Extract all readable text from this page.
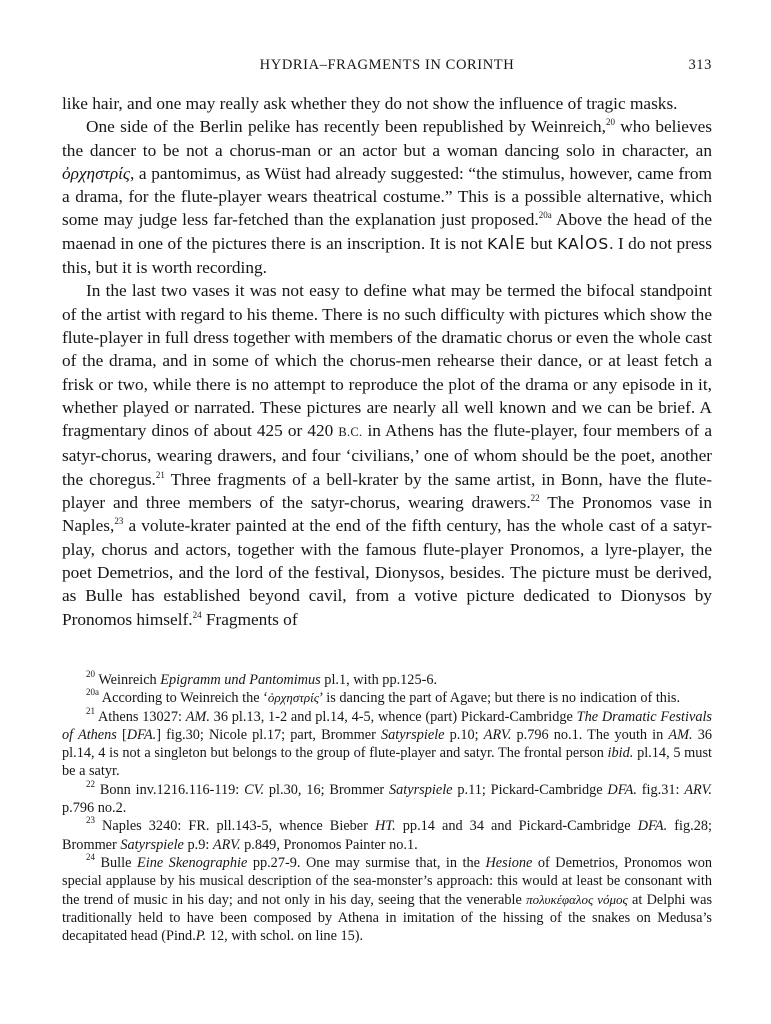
HYDRIA–FRAGMENTS IN CORINTH	313

like hair, and one may really ask whether they do not show the influence of tragic masks.

One side of the Berlin pelike has recently been republished by Weinreich,$^{20}$ who believes the dancer to be not a chorus-man or an actor but a woman dancing solo in character, an ὀρχηστρίς, a pantomimus, as Wüst had already suggested: “the stimulus, however, came from a drama, for the flute-player wears theatrical costume.” This is a possible alternative, which some may judge less far-fetched than the explanation just proposed.$^{20a}$ Above the head of the maenad in one of the pictures there is an inscription. It is not KAꟾE but KAꟾOS. I do not press this, but it is worth recording.

In the last two vases it was not easy to define what may be termed the bifocal standpoint of the artist with regard to his theme. There is no such difficulty with pictures which show the flute-player in full dress together with members of the dramatic chorus or even the whole cast of the drama, and in some of which the chorus-men rehearse their dance, or at least fetch a frisk or two, while there is no attempt to reproduce the plot of the drama or any episode in it, whether played or narrated. These pictures are nearly all well known and we can be brief. A fragmentary dinos of about 425 or 420 B.C. in Athens has the flute-player, four members of a satyr-chorus, wearing drawers, and four ‘civilians,’ one of whom should be the poet, another the choregus.$^{21}$ Three fragments of a bell-krater by the same artist, in Bonn, have the flute-player and three members of the satyr-chorus, wearing drawers.$^{22}$ The Pronomos vase in Naples,$^{23}$ a volute-krater painted at the end of the fifth century, has the whole cast of a satyr-play, chorus and actors, together with the famous flute-player Pronomos, a lyre-player, the poet Demetrios, and the lord of the festival, Dionysos, besides. The picture must be derived, as Bulle has established beyond cavil, from a votive picture dedicated to Dionysos by Pronomos himself.$^{24}$ Fragments of

$^{20}$ Weinreich Epigramm und Pantomimus pl.1, with pp.125-6.

$^{20a}$ According to Weinreich the ‘ὀρχηστρίς’ is dancing the part of Agave; but there is no indication of this.

$^{21}$ Athens 13027: AM. 36 pl.13, 1-2 and pl.14, 4-5, whence (part) Pickard-Cambridge The Dramatic Festivals of Athens [DFA.] fig.30; Nicole pl.17; part, Brommer Satyrspiele p.10; ARV. p.796 no.1. The youth in AM. 36 pl.14, 4 is not a singleton but belongs to the group of flute-player and satyr. The frontal person ibid. pl.14, 5 must be a satyr.

$^{22}$ Bonn inv.1216.116-119: CV. pl.30, 16; Brommer Satyrspiele p.11; Pickard-Cambridge DFA. fig.31: ARV. p.796 no.2.

$^{23}$ Naples 3240: FR. pll.143-5, whence Bieber HT. pp.14 and 34 and Pickard-Cambridge DFA. fig.28; Brommer Satyrspiele p.9: ARV. p.849, Pronomos Painter no.1.

$^{24}$ Bulle Eine Skenographie pp.27-9. One may surmise that, in the Hesione of Demetrios, Pronomos won special applause by his musical description of the sea-monster’s approach: this would at least be consonant with the trend of music in his day; and not only in his day, seeing that the venerable πολυκέφαλος νόμος at Delphi was traditionally held to have been composed by Athena in imitation of the hissing of the snakes on Medusa’s decapitated head (Pind.P. 12, with schol. on line 15).
